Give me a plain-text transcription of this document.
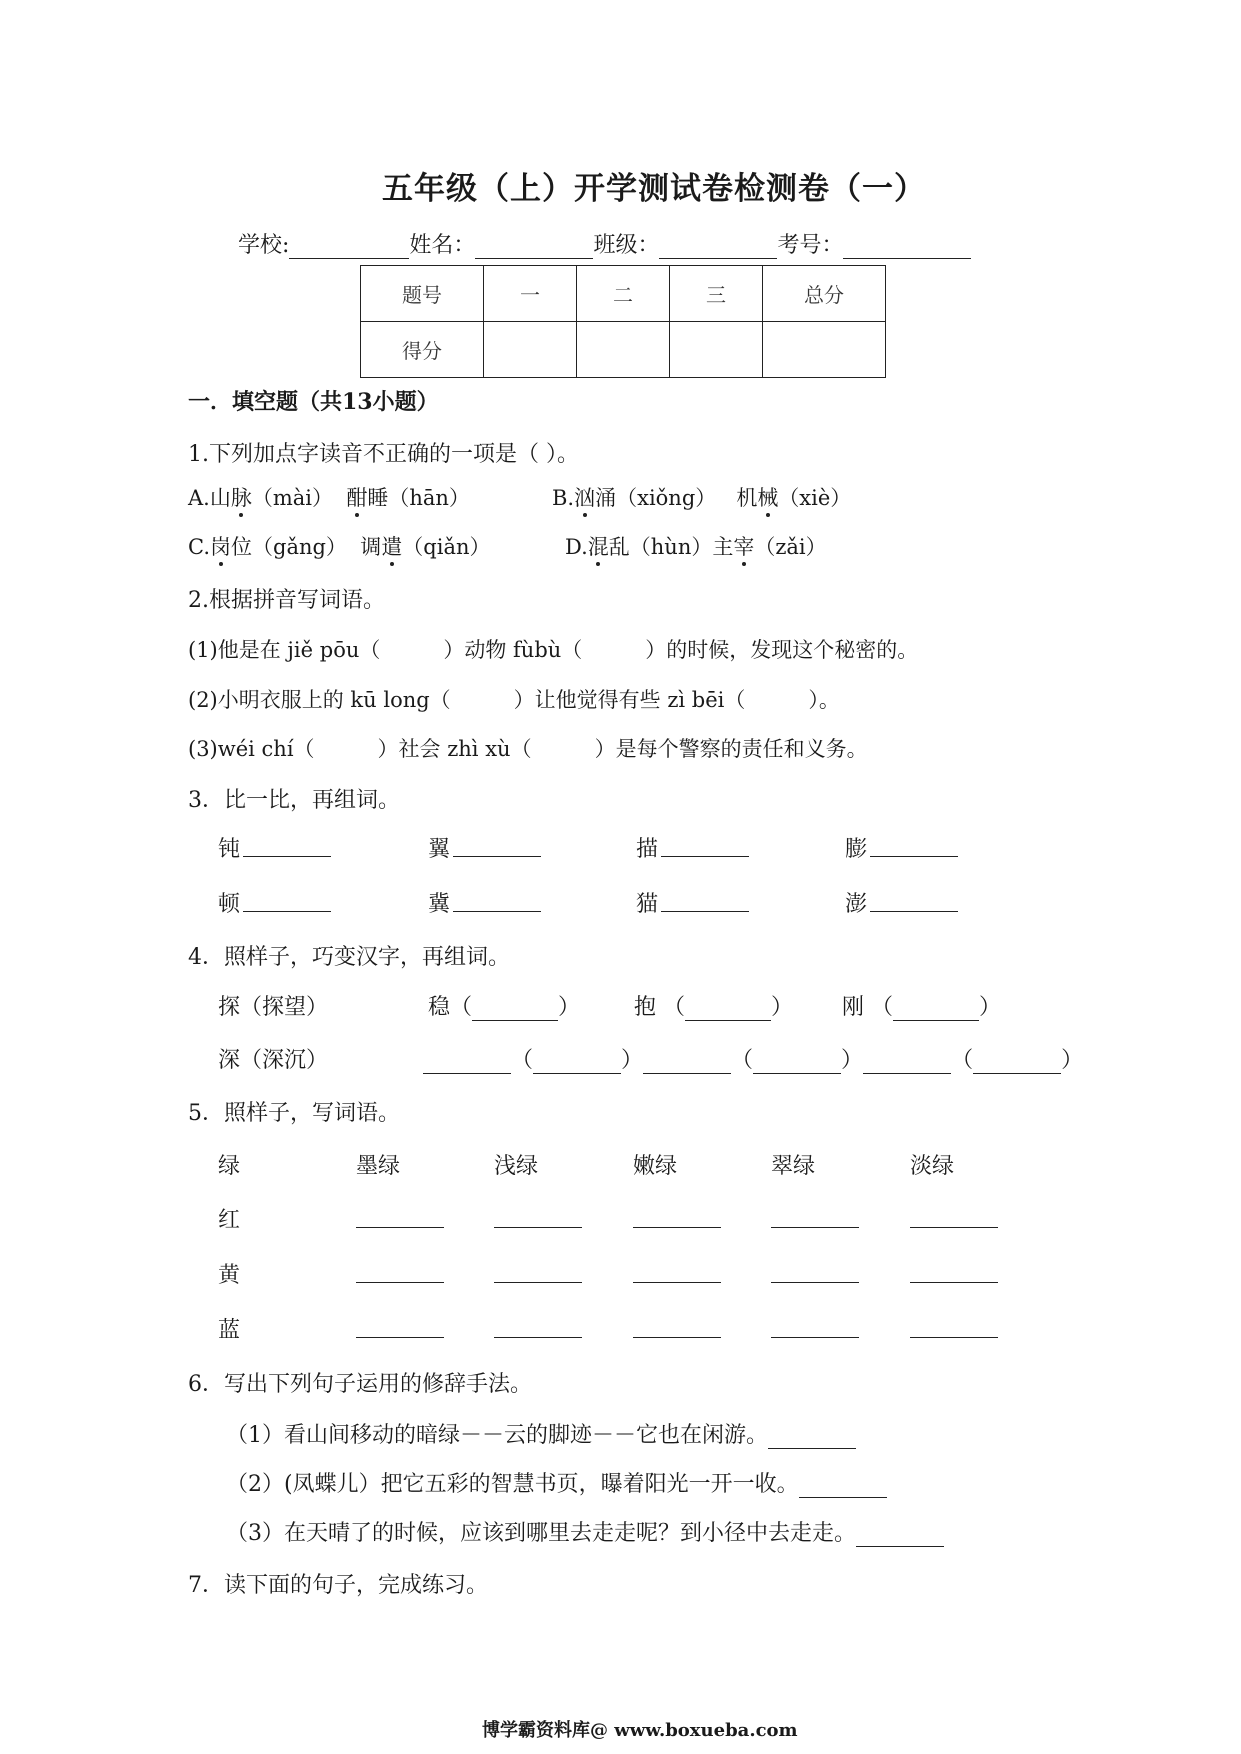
五年级（上）开学测试卷检测卷（一）
学校:	姓名：	班级：	考号：
题号	一	二	三	总分
得分				
一．填空题（共13小题）
1.下列加点字读音不正确的一项是（ ）。
A.山脉（mài） 酣睡（hān）	B.汹涌（xiǒng） 机械（xiè）
C.岗位（gǎng） 调遣（qiǎn）	D.混乱（hùn）主宰（zǎi）
2.根据拼音写词语。
(1)他是在 jiě pōu（　　　）动物 fùbù（　　　）的时候，发现这个秘密的。
(2)小明衣服上的 kū long（　　　）让他觉得有些 zì bēi（　　　）。
(3)wéi chí（　　　）社会 zhì xù（　　　）是每个警察的责任和义务。
3．比一比，再组词。
钝	翼	描	膨
顿	冀	猫	澎
4．照样子，巧变汉字，再组词。
探（探望）	稳（	） 抱 （	） 刚 （	）
深（深沉）	（	）	（	）	（	）
5．照样子，写词语。
绿	墨绿	浅绿	嫩绿	翠绿	淡绿
红
黄
蓝
6．写出下列句子运用的修辞手法。
（1）看山间移动的暗绿－－云的脚迹－－它也在闲游。
（2）(凤蝶儿）把它五彩的智慧书页，曝着阳光一开一收。
（3）在天晴了的时候，应该到哪里去走走呢？到小径中去走走。
7．读下面的句子，完成练习。
博学霸资料库@ www.boxueba.com
